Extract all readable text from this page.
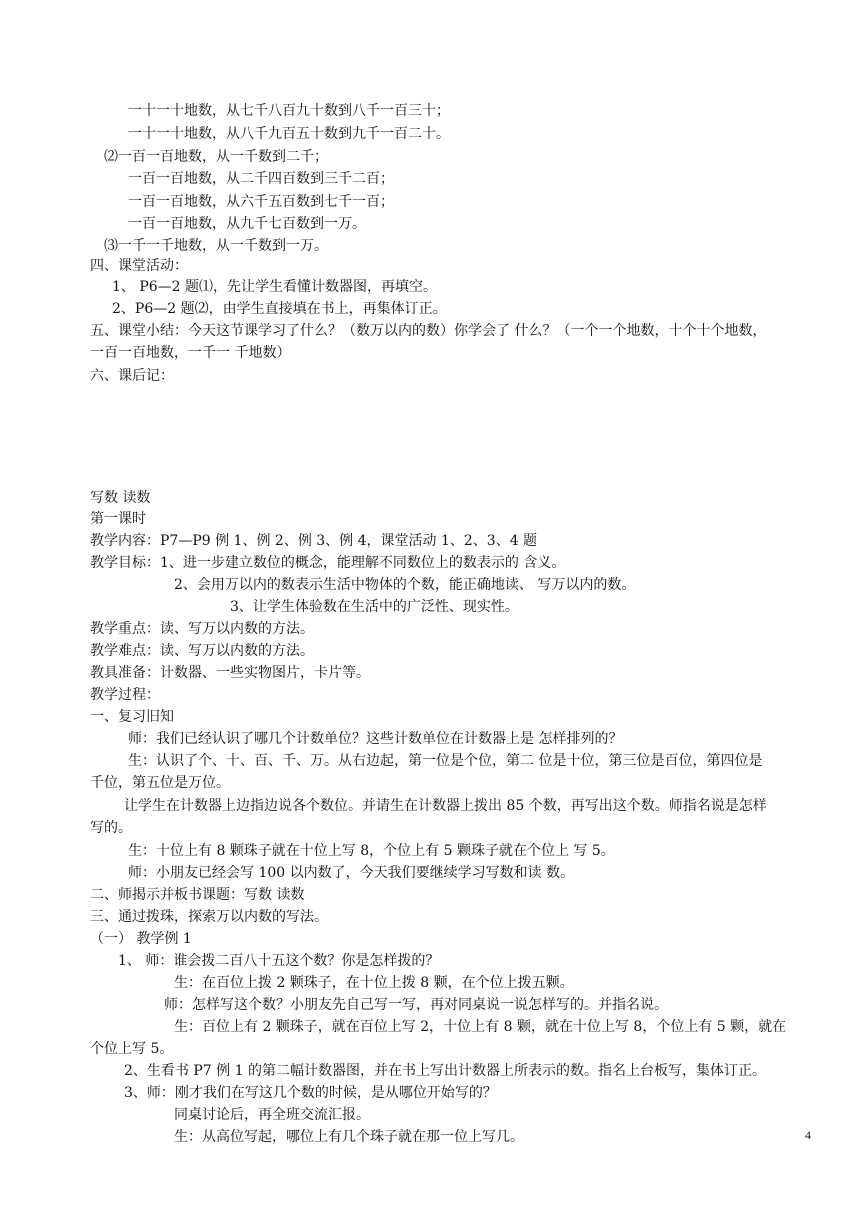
一十一十地数，从七千八百九十数到八千一百三十；
一十一十地数，从八千九百五十数到九千一百二十。
⑵一百一百地数，从一千数到二千；
一百一百地数，从二千四百数到三千二百；
一百一百地数，从六千五百数到七千一百；
一百一百地数，从九千七百数到一万。
⑶一千一千地数，从一千数到一万。
四、课堂活动：
1、 P6—2 题⑴，先让学生看懂计数器图，再填空。
2、P6—2 题⑵，由学生直接填在书上，再集体订正。
五、课堂小结：今天这节课学习了什么？（数万以内的数）你学会了 什么？（一个一个地数，十个十个地数，
一百一百地数，一千一 千地数）
六、课后记：
写数 读数
第一课时
教学内容：P7—P9 例 1、例 2、例 3、例 4，课堂活动 1、2、3、4 题
教学目标：1、进一步建立数位的概念，能理解不同数位上的数表示的 含义。
2、会用万以内的数表示生活中物体的个数，能正确地读、 写万以内的数。
3、让学生体验数在生活中的广泛性、现实性。
教学重点：读、写万以内数的方法。
教学难点：读、写万以内数的方法。
教具准备：计数器、一些实物图片，卡片等。
教学过程：
一、复习旧知
师：我们已经认识了哪几个计数单位？这些计数单位在计数器上是 怎样排列的？
生：认识了个、十、百、千、万。从右边起，第一位是个位，第二 位是十位，第三位是百位，第四位是
千位，第五位是万位。
让学生在计数器上边指边说各个数位。并请生在计数器上拨出 85 个数，再写出这个数。师指名说是怎样
写的。
生：十位上有 8 颗珠子就在十位上写 8，个位上有 5 颗珠子就在个位上 写 5。
师：小朋友已经会写 100 以内数了，今天我们要继续学习写数和读 数。
二、师揭示并板书课题：写数 读数
三、通过拨珠，探索万以内数的写法。
（一） 教学例 1
1、 师：谁会拨二百八十五这个数？你是怎样拨的？
生：在百位上拨 2 颗珠子，在十位上拨 8 颗，在个位上拨五颗。
师：怎样写这个数？小朋友先自己写一写，再对同桌说一说怎样写的。并指名说。
生：百位上有 2 颗珠子，就在百位上写 2，十位上有 8 颗，就在十位上写 8，个位上有 5 颗，就在
个位上写 5。
2、生看书 P7 例 1 的第二幅计数器图，并在书上写出计数器上所表示的数。指名上台板写，集体订正。
3、师：刚才我们在写这几个数的时候，是从哪位开始写的？
同桌讨论后，再全班交流汇报。
生：从高位写起，哪位上有几个珠子就在那一位上写几。	4
